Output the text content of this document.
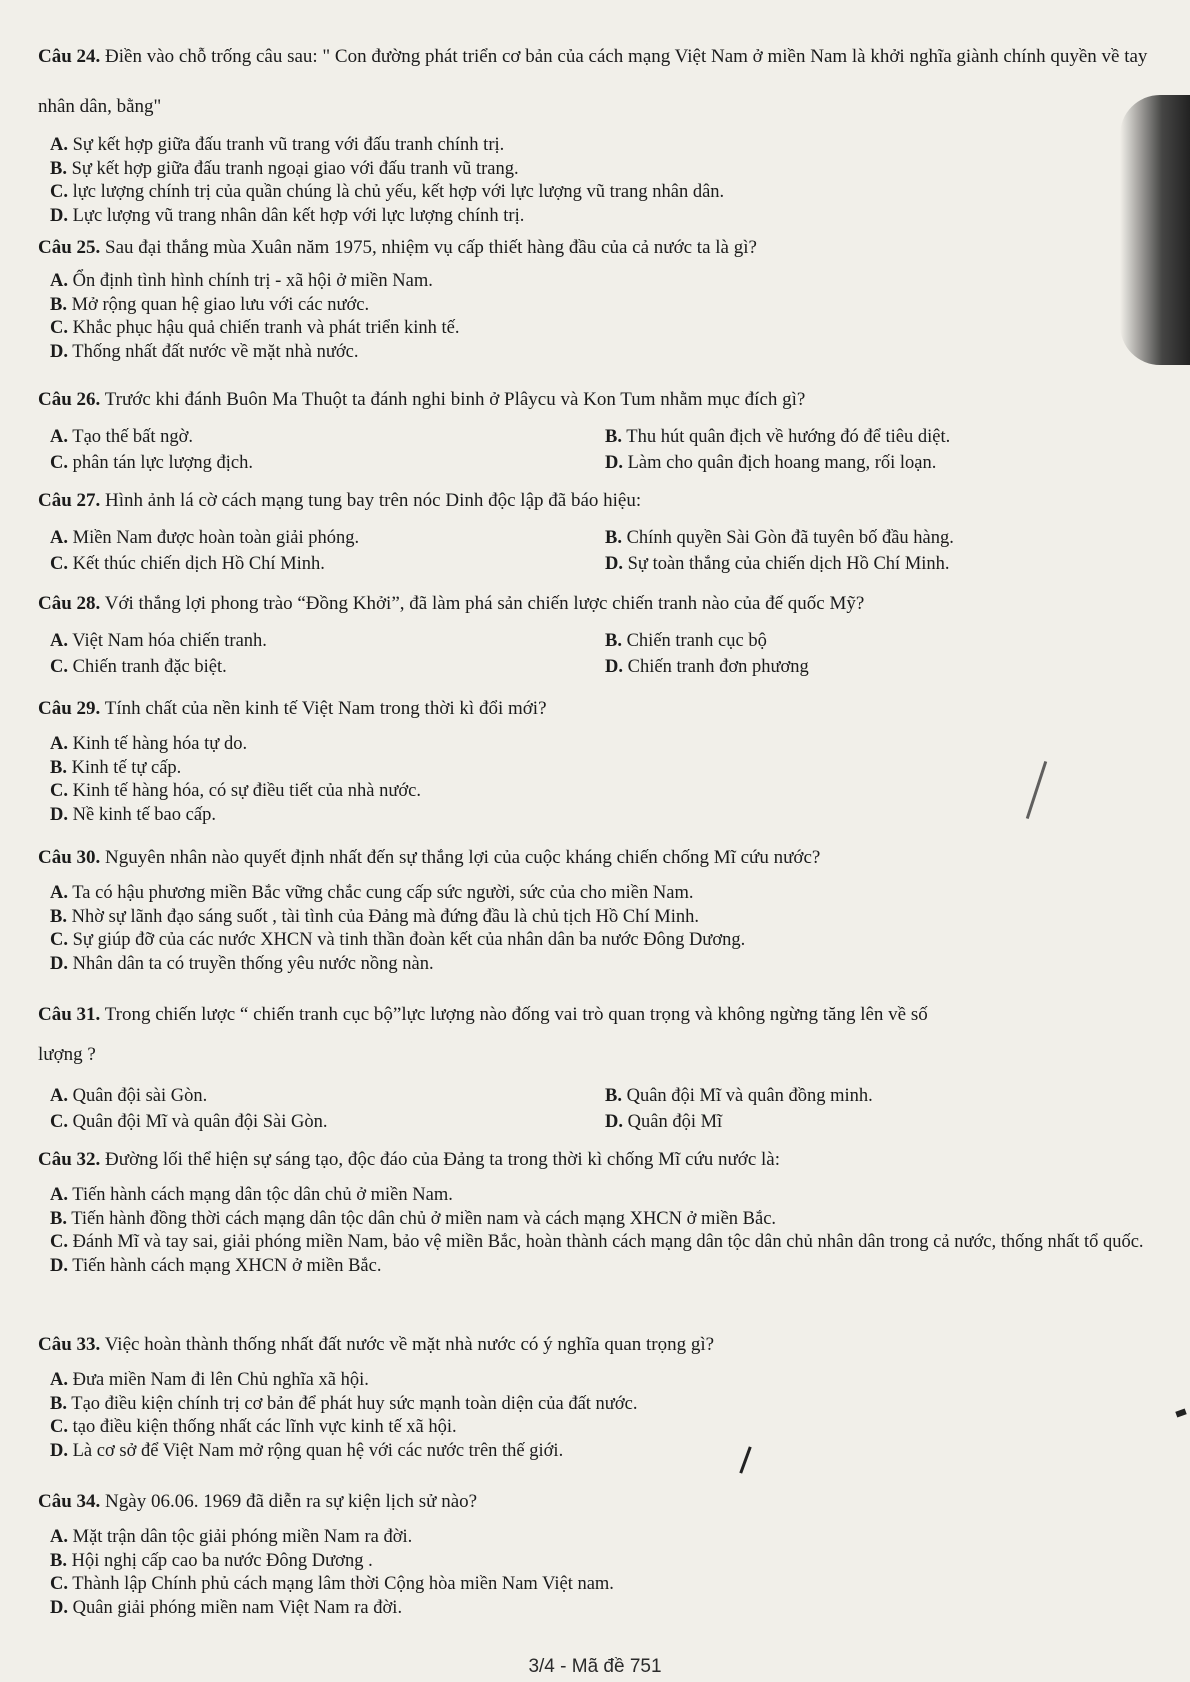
Câu 24. Điền vào chỗ trống câu sau: " Con đường phát triển cơ bản của cách mạng Việt Nam ở miền Nam là khởi nghĩa giành chính quyền về tay nhân dân, bằng"

A. Sự kết hợp giữa đấu tranh vũ trang với đấu tranh chính trị.
B. Sự kết hợp giữa đấu tranh ngoại giao với đấu tranh vũ trang.
C. lực lượng chính trị của quần chúng là chủ yếu, kết hợp với lực lượng vũ trang nhân dân.
D. Lực lượng vũ trang nhân dân kết hợp với lực lượng chính trị.

Câu 25. Sau đại thắng mùa Xuân năm 1975, nhiệm vụ cấp thiết hàng đầu của cả nước ta là gì?

A. Ổn định tình hình chính trị - xã hội ở miền Nam.
B. Mở rộng quan hệ giao lưu với các nước.
C. Khắc phục hậu quả chiến tranh và phát triển kinh tế.
D. Thống nhất đất nước về mặt nhà nước.

Câu 26. Trước khi đánh Buôn Ma Thuột ta đánh nghi binh ở Plâycu và Kon Tum nhằm mục đích gì?

A. Tạo thế bất ngờ.	B. Thu hút quân địch về hướng đó để tiêu diệt.
C. phân tán lực lượng địch.	D. Làm cho quân địch hoang mang, rối loạn.

Câu 27. Hình ảnh lá cờ cách mạng tung bay trên nóc Dinh độc lập đã báo hiệu:

A. Miền Nam được hoàn toàn giải phóng.	B. Chính quyền Sài Gòn đã tuyên bố đầu hàng.
C. Kết thúc chiến dịch Hồ Chí Minh.	D. Sự toàn thắng của chiến dịch Hồ Chí Minh.

Câu 28. Với thắng lợi phong trào “Đồng Khởi”, đã làm phá sản chiến lược chiến tranh nào của đế quốc Mỹ?

A. Việt Nam hóa chiến tranh.	B. Chiến tranh cục bộ
C. Chiến tranh đặc biệt.	D. Chiến tranh đơn phương

Câu 29. Tính chất của nền kinh tế Việt Nam trong thời kì đổi mới?

A. Kinh tế hàng hóa tự do.
B. Kinh tế tự cấp.
C. Kinh tế hàng hóa, có sự điều tiết của nhà nước.
D. Nề kinh tế bao cấp.

Câu 30. Nguyên nhân nào quyết định nhất đến sự thắng lợi của cuộc kháng chiến chống Mĩ cứu nước?

A. Ta có hậu phương miền Bắc vững chắc cung cấp sức người, sức của cho miền Nam.
B. Nhờ sự lãnh đạo sáng suốt , tài tình của Đảng mà đứng đầu là chủ tịch Hồ Chí Minh.
C. Sự giúp đỡ của các nước XHCN và tinh thần đoàn kết của nhân dân ba nước Đông Dương.
D. Nhân dân ta có truyền thống yêu nước nồng nàn.

Câu 31. Trong chiến lược “ chiến tranh cục bộ”lực lượng nào đống vai trò quan trọng và không ngừng tăng lên về số

lượng ?

A. Quân đội sài Gòn.	B. Quân đội Mĩ và quân đồng minh.
C. Quân đội Mĩ và quân đội Sài Gòn.	D. Quân đội Mĩ

Câu 32. Đường lối thể hiện sự sáng tạo, độc đáo của Đảng ta trong thời kì chống Mĩ cứu nước là:

A. Tiến hành cách mạng dân tộc dân chủ ở miền Nam.
B. Tiến hành đồng thời cách mạng dân tộc dân chủ ở miền nam và cách mạng XHCN ở miền Bắc.
C. Đánh Mĩ và tay sai, giải phóng miền Nam, bảo vệ miền Bắc, hoàn thành cách mạng dân tộc dân chủ nhân dân trong cả nước, thống nhất tổ quốc.
D. Tiến hành cách mạng XHCN ở miền Bắc.

Câu 33. Việc hoàn thành thống nhất đất nước về mặt nhà nước có ý nghĩa quan trọng gì?

A. Đưa miền Nam đi lên Chủ nghĩa xã hội.
B. Tạo điều kiện chính trị cơ bản để phát huy sức mạnh toàn diện của đất nước.
C. tạo điều kiện thống nhất các lĩnh vực kinh tế xã hội.
D. Là cơ sở để Việt Nam mở rộng quan hệ với các nước trên thế giới.

Câu 34. Ngày 06.06. 1969 đã diễn ra sự kiện lịch sử nào?

A. Mặt trận dân tộc giải phóng miền Nam ra đời.
B. Hội nghị cấp cao ba nước Đông Dương .
C. Thành lập Chính phủ cách mạng lâm thời Cộng hòa miền Nam Việt nam.
D. Quân giải phóng miền nam Việt Nam ra đời.
3/4 - Mã đề 751
